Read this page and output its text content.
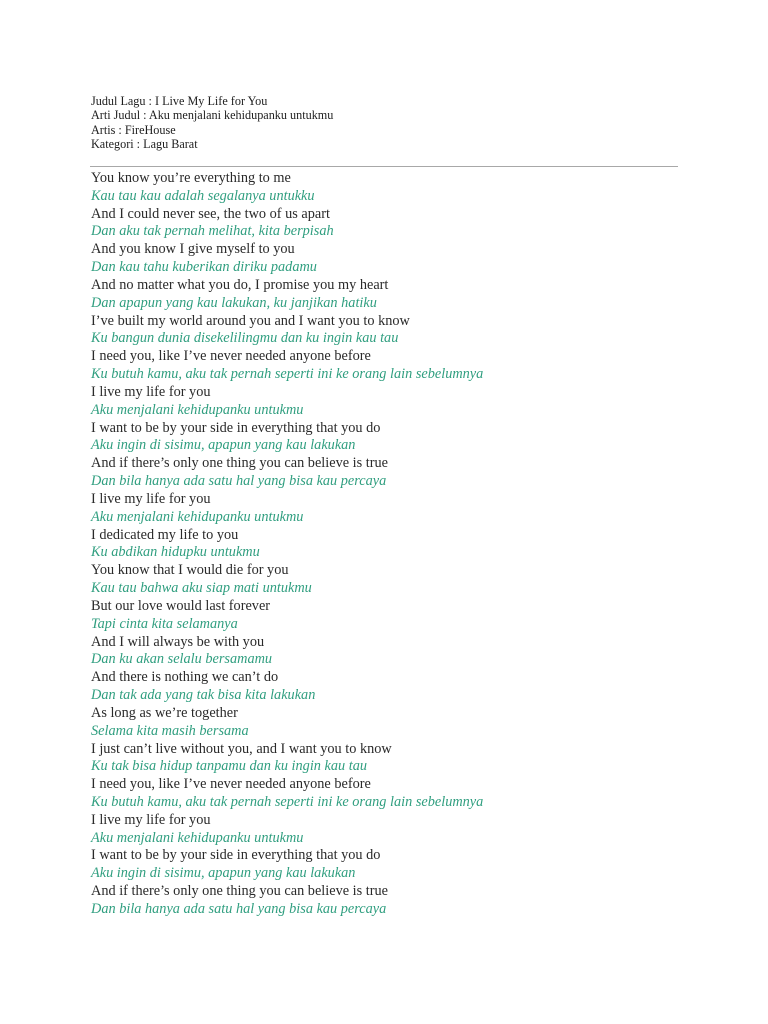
Judul Lagu : I Live My Life for You
Arti Judul : Aku menjalani kehidupanku untukmu
Artis : FireHouse
Kategori : Lagu Barat
You know you’re everything to me
Kau tau kau adalah segalanya untukku
And I could never see, the two of us apart
Dan aku tak pernah melihat, kita berpisah
And you know I give myself to you
Dan kau tahu kuberikan diriku padamu
And no matter what you do, I promise you my heart
Dan apapun yang kau lakukan, ku janjikan hatiku
I’ve built my world around you and I want you to know
Ku bangun dunia disekelilingmu dan ku ingin kau tau
I need you, like I’ve never needed anyone before
Ku butuh kamu, aku tak pernah seperti ini ke orang lain sebelumnya
I live my life for you
Aku menjalani kehidupanku untukmu
I want to be by your side in everything that you do
Aku ingin di sisimu, apapun yang kau lakukan
And if there’s only one thing you can believe is true
Dan bila hanya ada satu hal yang bisa kau percaya
I live my life for you
Aku menjalani kehidupanku untukmu
I dedicated my life to you
Ku abdikan hidupku untukmu
You know that I would die for you
Kau tau bahwa aku siap mati untukmu
But our love would last forever
Tapi cinta kita selamanya
And I will always be with you
Dan ku akan selalu bersamamu
And there is nothing we can’t do
Dan tak ada yang tak bisa kita lakukan
As long as we’re together
Selama kita masih bersama
I just can’t live without you, and I want you to know
Ku tak bisa hidup tanpamu dan ku ingin kau tau
I need you, like I’ve never needed anyone before
Ku butuh kamu, aku tak pernah seperti ini ke orang lain sebelumnya
I live my life for you
Aku menjalani kehidupanku untukmu
I want to be by your side in everything that you do
Aku ingin di sisimu, apapun yang kau lakukan
And if there’s only one thing you can believe is true
Dan bila hanya ada satu hal yang bisa kau percaya
